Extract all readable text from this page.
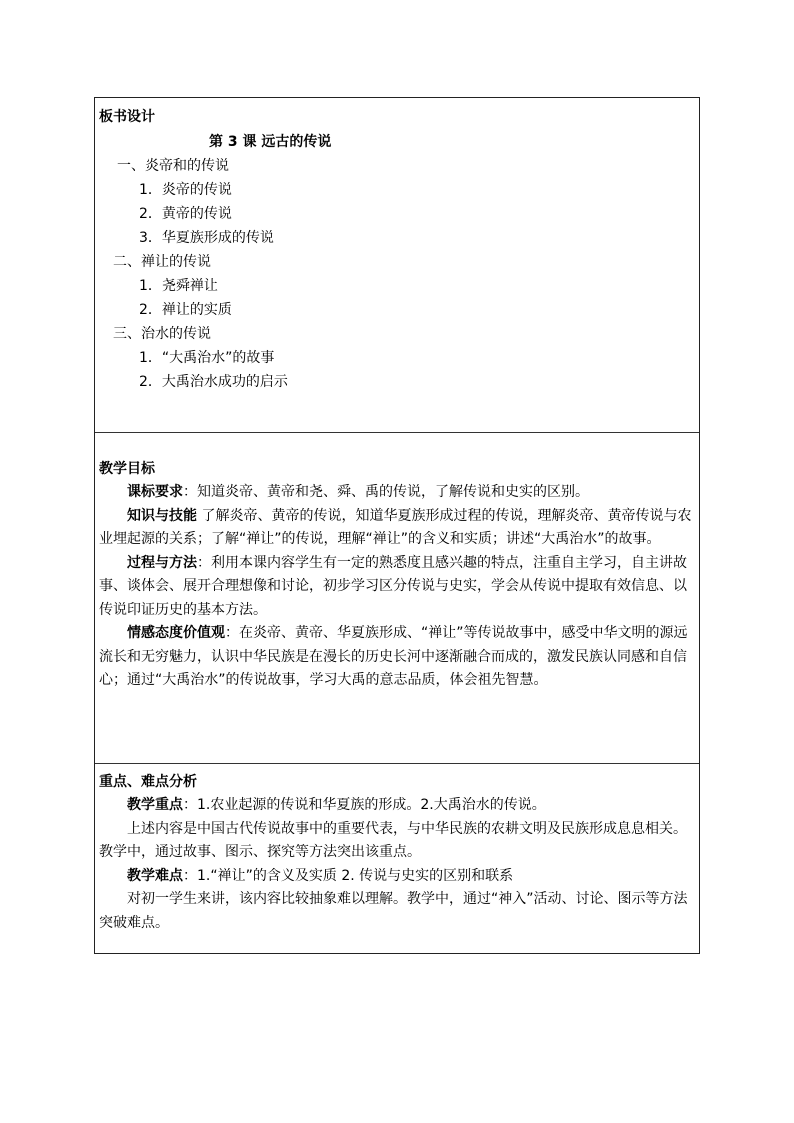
板书设计

第 3 课 远古的传说

一、炎帝和的传说

1．炎帝的传说

2．黄帝的传说

3．华夏族形成的传说

二、禅让的传说

1．尧舜禅让

2．禅让的实质

三、治水的传说

1．“大禹治水”的故事

2．大禹治水成功的启示

教学目标

课标要求：知道炎帝、黄帝和尧、舜、禹的传说，了解传说和史实的区别。

知识与技能 了解炎帝、黄帝的传说，知道华夏族形成过程的传说，理解炎帝、黄帝传说与农业埋起源的关系；了解“禅让”的传说，理解“禅让”的含义和实质；讲述“大禹治水”的故事。

过程与方法：利用本课内容学生有一定的熟悉度且感兴趣的特点，注重自主学习，自主讲故事、谈体会、展开合理想像和讨论，初步学习区分传说与史实，学会从传说中提取有效信息、以传说印证历史的基本方法。

情感态度价值观：在炎帝、黄帝、华夏族形成、“禅让”等传说故事中，感受中华文明的源远流长和无穷魅力，认识中华民族是在漫长的历史长河中逐渐融合而成的，激发民族认同感和自信心；通过“大禹治水”的传说故事，学习大禹的意志品质，体会祖先智慧。

重点、难点分析

教学重点：1.农业起源的传说和华夏族的形成。2.大禹治水的传说。

上述内容是中国古代传说故事中的重要代表，与中华民族的农耕文明及民族形成息息相关。教学中，通过故事、图示、探究等方法突出该重点。

教学难点：1.“禅让”的含义及实质 2. 传说与史实的区别和联系

对初一学生来讲，该内容比较抽象难以理解。教学中，通过“神入”活动、讨论、图示等方法突破难点。
